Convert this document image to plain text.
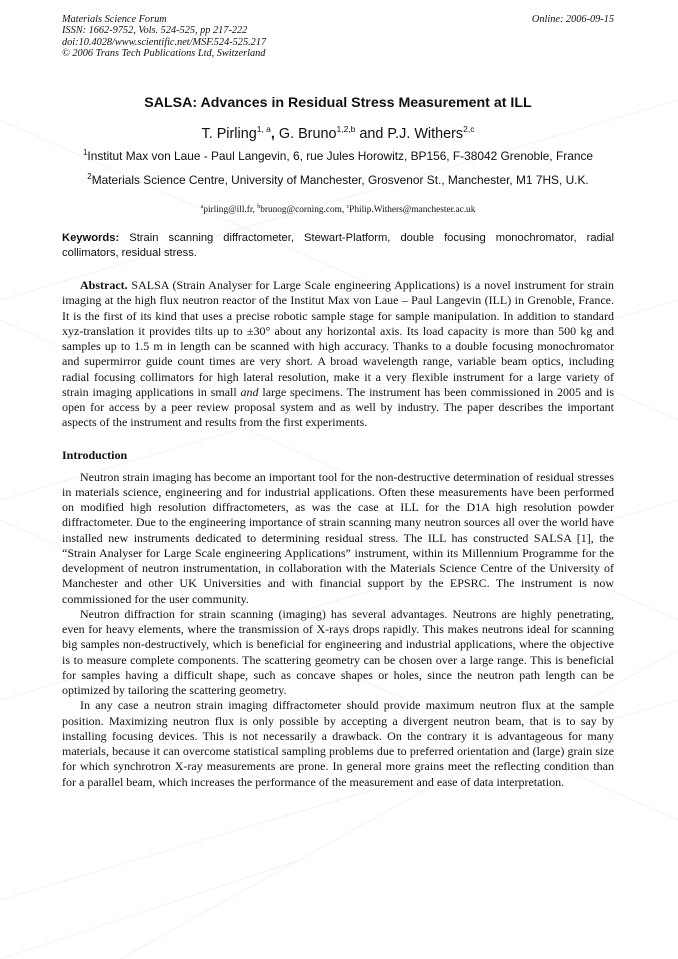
Materials Science Forum
ISSN: 1662-9752, Vols. 524-525, pp 217-222
doi:10.4028/www.scientific.net/MSF.524-525.217
© 2006 Trans Tech Publications Ltd, Switzerland
Online: 2006-09-15
SALSA: Advances in Residual Stress Measurement at ILL
T. Pirling$^{1, a}$, G. Bruno$^{1,2,b}$ and P.J. Withers$^{2,c}$
$^1$Institut Max von Laue - Paul Langevin, 6, rue Jules Horowitz, BP156, F-38042 Grenoble, France
$^2$Materials Science Centre, University of Manchester, Grosvenor St., Manchester, M1 7HS, U.K.
$^a$pirling@ill.fr, $^b$brunog@corning.com, $^c$Philip.Withers@manchester.ac.uk
Keywords: Strain scanning diffractometer, Stewart-Platform, double focusing monochromator, radial collimators, residual stress.

Abstract. SALSA (Strain Analyser for Large Scale engineering Applications) is a novel instrument for strain imaging at the high flux neutron reactor of the Institut Max von Laue – Paul Langevin (ILL) in Grenoble, France. It is the first of its kind that uses a precise robotic sample stage for sample manipulation. In addition to standard xyz-translation it provides tilts up to ±30° about any horizontal axis. Its load capacity is more than 500 kg and samples up to 1.5 m in length can be scanned with high accuracy. Thanks to a double focusing monochromator and supermirror guide count times are very short. A broad wavelength range, variable beam optics, including radial focusing collimators for high lateral resolution, make it a very flexible instrument for a large variety of strain imaging applications in small and large specimens. The instrument has been commissioned in 2005 and is open for access by a peer review proposal system and as well by industry. The paper describes the important aspects of the instrument and results from the first experiments.

Introduction

Neutron strain imaging has become an important tool for the non-destructive determination of residual stresses in materials science, engineering and for industrial applications. Often these measurements have been performed on modified high resolution diffractometers, as was the case at ILL for the D1A high resolution powder diffractometer. Due to the engineering importance of strain scanning many neutron sources all over the world have installed new instruments dedicated to determining residual stress. The ILL has constructed SALSA [1], the “Strain Analyser for Large Scale engineering Applications” instrument, within its Millennium Programme for the development of neutron instrumentation, in collaboration with the Materials Science Centre of the University of Manchester and other UK Universities and with financial support by the EPSRC. The instrument is now commissioned for the user community.

Neutron diffraction for strain scanning (imaging) has several advantages. Neutrons are highly penetrating, even for heavy elements, where the transmission of X-rays drops rapidly. This makes neutrons ideal for scanning big samples non-destructively, which is beneficial for engineering and industrial applications, where the objective is to measure complete components. The scattering geometry can be chosen over a large range. This is beneficial for samples having a difficult shape, such as concave shapes or holes, since the neutron path length can be optimized by tailoring the scattering geometry.

In any case a neutron strain imaging diffractometer should provide maximum neutron flux at the sample position. Maximizing neutron flux is only possible by accepting a divergent neutron beam, that is to say by installing focusing devices. This is not necessarily a drawback. On the contrary it is advantageous for many materials, because it can overcome statistical sampling problems due to preferred orientation and (large) grain size for which synchrotron X-ray measurements are prone. In general more grains meet the reflecting condition than for a parallel beam, which increases the performance of the measurement and ease of data interpretation.
